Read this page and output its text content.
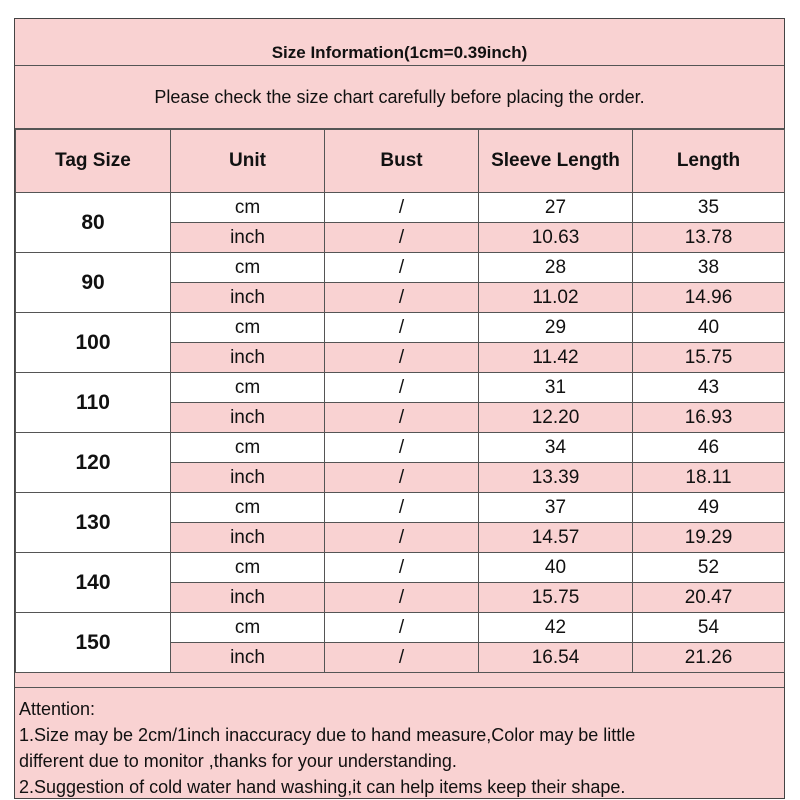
Size Information(1cm=0.39inch)
Please check the size chart carefully before placing the order.
Tag Size	Unit	Bust	Sleeve Length	Length
80	cm	/	27	35
	inch	/	10.63	13.78
90	cm	/	28	38
	inch	/	11.02	14.96
100	cm	/	29	40
	inch	/	11.42	15.75
110	cm	/	31	43
	inch	/	12.20	16.93
120	cm	/	34	46
	inch	/	13.39	18.11
130	cm	/	37	49
	inch	/	14.57	19.29
140	cm	/	40	52
	inch	/	15.75	20.47
150	cm	/	42	54
	inch	/	16.54	21.26
Attention:
1.Size may be 2cm/1inch inaccuracy due to hand measure,Color may be little
different due to monitor ,thanks for your understanding.
2.Suggestion of cold water hand washing,it can help items keep their shape.
